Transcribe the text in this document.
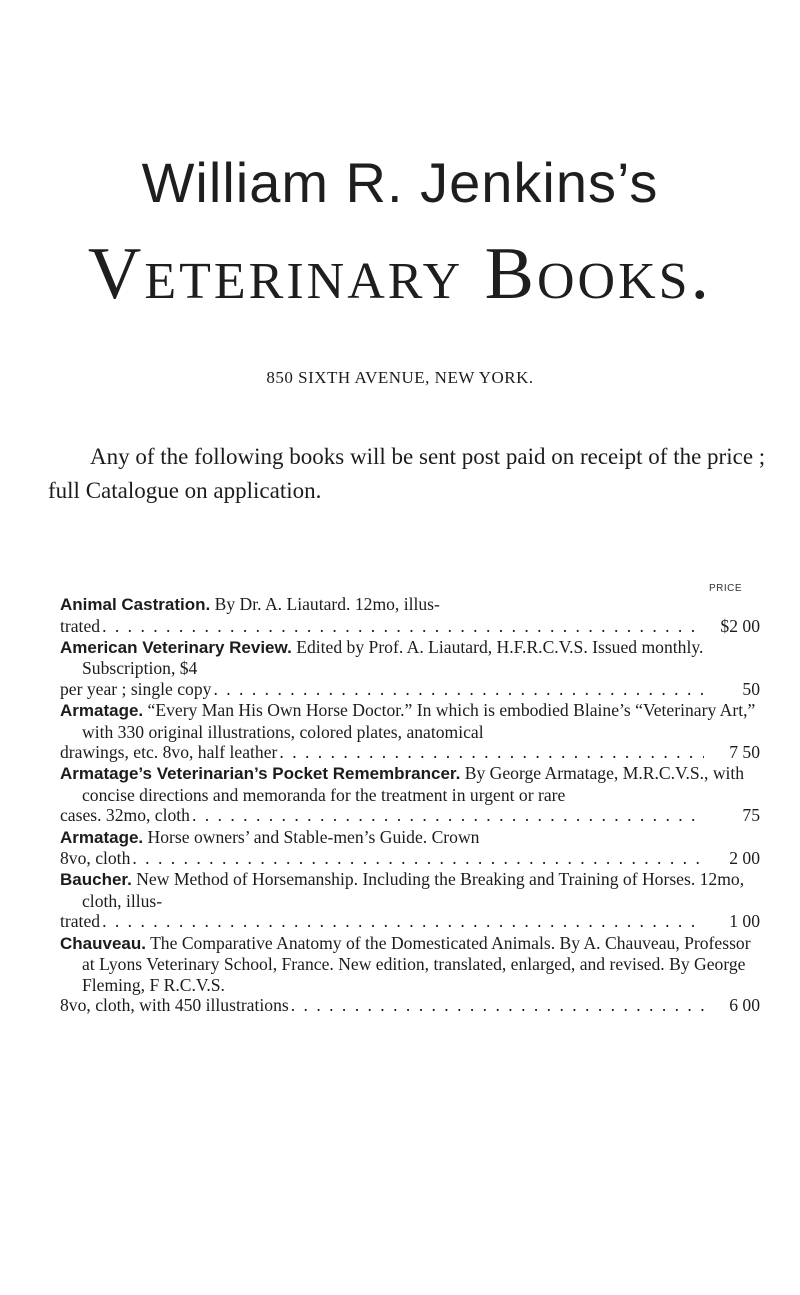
William R. Jenkins’s
Veterinary Books.
850 SIXTH AVENUE, NEW YORK.
Any of the following books will be sent post paid on receipt of the price ; full Catalogue on application.
PRICE
Animal Castration. By Dr. A. Liautard. 12mo, illus-
trated . . .	$2 00
American Veterinary Review. Edited by Prof. A. Liautard, H.F.R.C.V.S. Issued monthly. Subscription, $4
per year ; single copy . . .	50
Armatage. “Every Man His Own Horse Doctor.” In which is embodied Blaine’s “Veterinary Art,” with 330 original illustrations, colored plates, anatomical
drawings, etc. 8vo, half leather . . .	7 50
Armatage’s Veterinarian’s Pocket Remembrancer. By George Armatage, M.R.C.V.S., with concise directions and memoranda for the treatment in urgent or rare
cases. 32mo, cloth . . .	75
Armatage. Horse owners’ and Stable-men’s Guide. Crown
8vo, cloth . . .	2 00
Baucher. New Method of Horsemanship. Including the Breaking and Training of Horses. 12mo, cloth, illus-
trated . . .	1 00
Chauveau. The Comparative Anatomy of the Domesticated Animals. By A. Chauveau, Professor at Lyons Veterinary School, France. New edition, translated, enlarged, and revised. By George Fleming, F R.C.V.S.
8vo, cloth, with 450 illustrations . . .	6 00
